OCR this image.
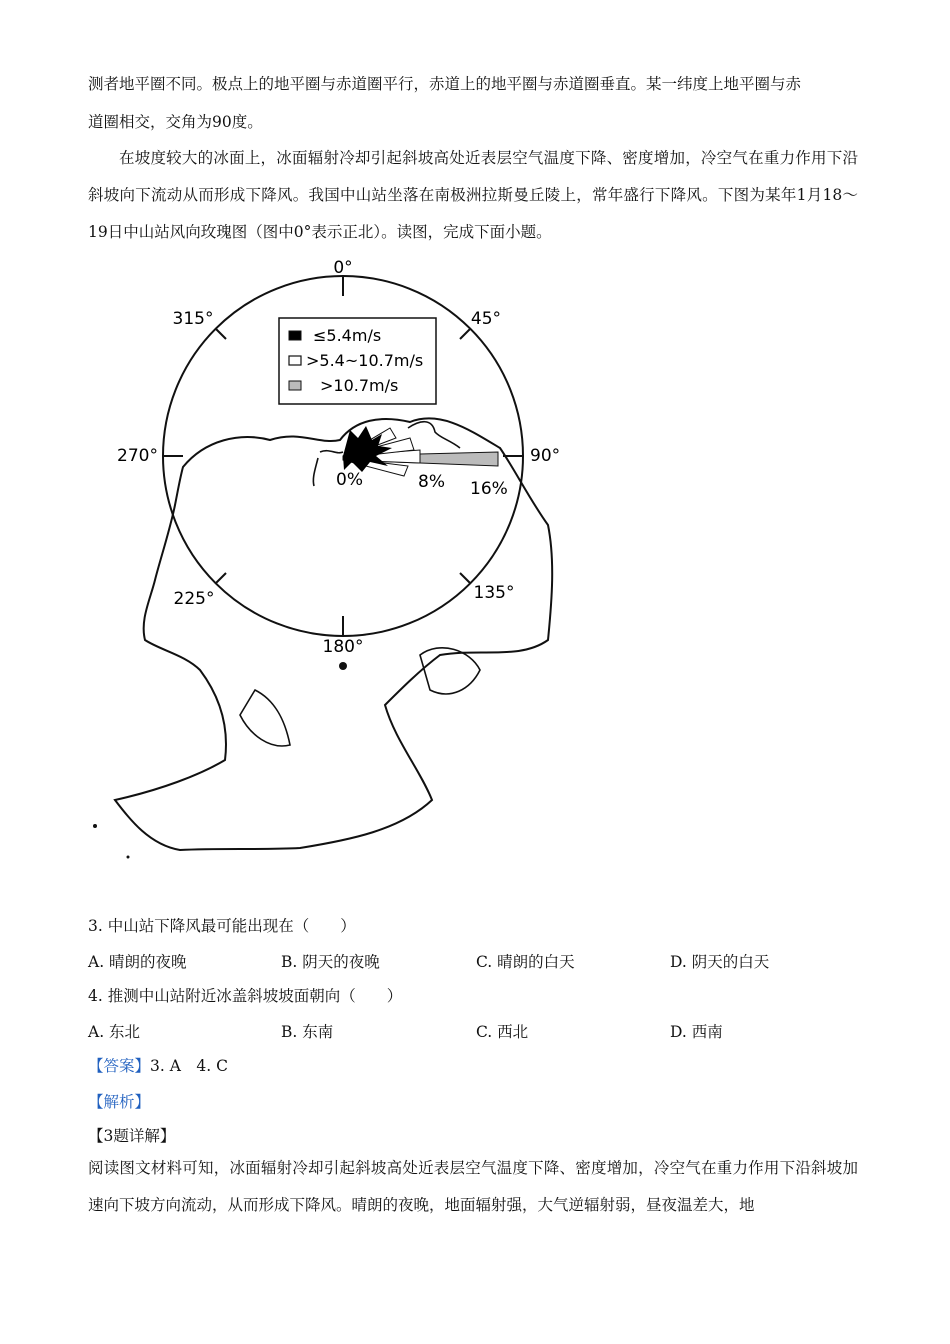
测者地平圈不同。极点上的地平圈与赤道圈平行，赤道上的地平圈与赤道圈垂直。某一纬度上地平圈与赤

道圈相交，交角为90度。

在坡度较大的冰面上，冰面辐射冷却引起斜坡高处近表层空气温度下降、密度增加，冷空气在重力作用下沿斜坡向下流动从而形成下降风。我国中山站坐落在南极洲拉斯曼丘陵上，常年盛行下降风。下图为某年1月18～19日中山站风向玫瑰图（图中0°表示正北）。读图，完成下面小题。

0°
45°
90°
135°
180°
225°
270°
315°
0%	8% 16%
≤5.4m/s
>5.4~10.7m/s
>10.7m/s

3. 中山站下降风最可能出现在（　　）

A. 晴朗的夜晚	B. 阴天的夜晚	C. 晴朗的白天	D. 阴天的白天

4. 推测中山站附近冰盖斜坡坡面朝向（　　）

A. 东北	B. 东南	C. 西北	D. 西南

【答案】3. A　4. C

【解析】

【3题详解】

阅读图文材料可知，冰面辐射冷却引起斜坡高处近表层空气温度下降、密度增加，冷空气在重力作用下沿斜坡加速向下坡方向流动，从而形成下降风。晴朗的夜晚，地面辐射强，大气逆辐射弱，昼夜温差大，地
